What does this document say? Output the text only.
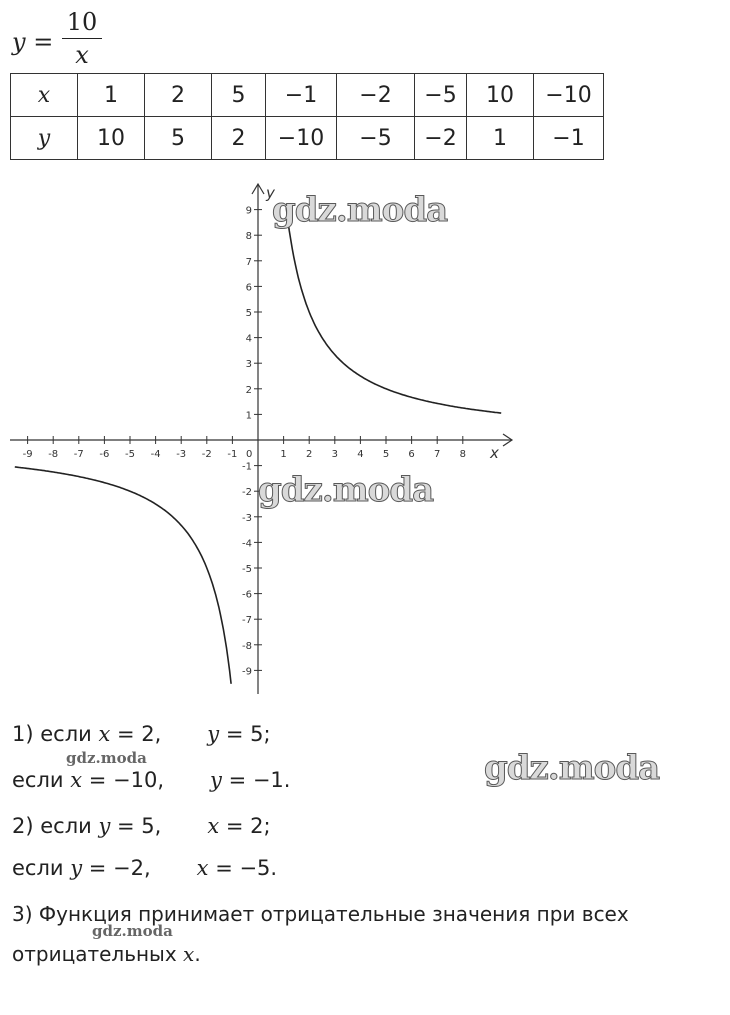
y =
10
x
x	1	2	5	−1	−2	−5	10	−10
y	10	5	2	−10	−5	−2	1	−1
-9 -8 -7 -6 -5 -4 -3 -2 -1	1 2 3 4 5 6 7 8
9
8
7
6
5
4
3
2
1
-1
-2
-3
-4
-5
-6
-7
-8
-9
0	x
y
gdz.moda
gdz.moda
gdz.moda
gdz.moda
gdz.moda
1) если x = 2, y = 5;
если x = −10, y = −1.
2) если y = 5, x = 2;
если y = −2, x = −5.
3) Функция принимает отрицательные значения при всех
отрицательных x.
